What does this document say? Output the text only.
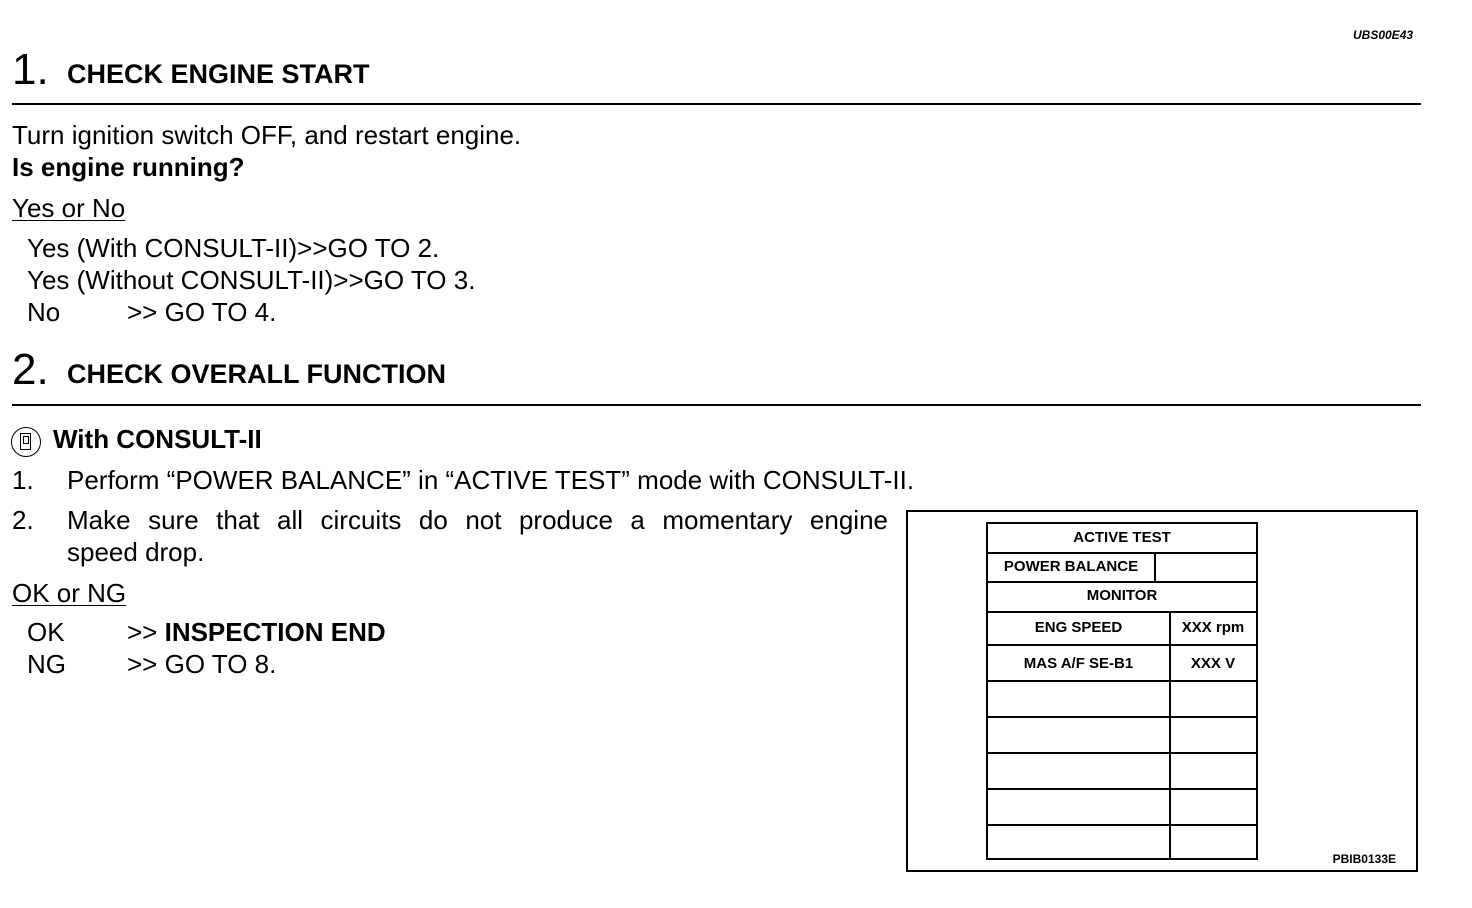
UBS00E43
1. CHECK ENGINE START
Turn ignition switch OFF, and restart engine.
Is engine running?
Yes or No
Yes (With CONSULT-II)>>GO TO 2.
Yes (Without CONSULT-II)>>GO TO 3.
No	>> GO TO 4.
2. CHECK OVERALL FUNCTION
With CONSULT-II
1. Perform “POWER BALANCE” in “ACTIVE TEST” mode with CONSULT-II.
2. Make sure that all circuits do not produce a momentary engine
speed drop.
OK or NG
OK >> INSPECTION END
NG >> GO TO 8.
ACTIVE TEST
POWER BALANCE
MONITOR
ENG SPEED	XXX rpm
MAS A/F SE-B1	XXX V
PBIB0133E
